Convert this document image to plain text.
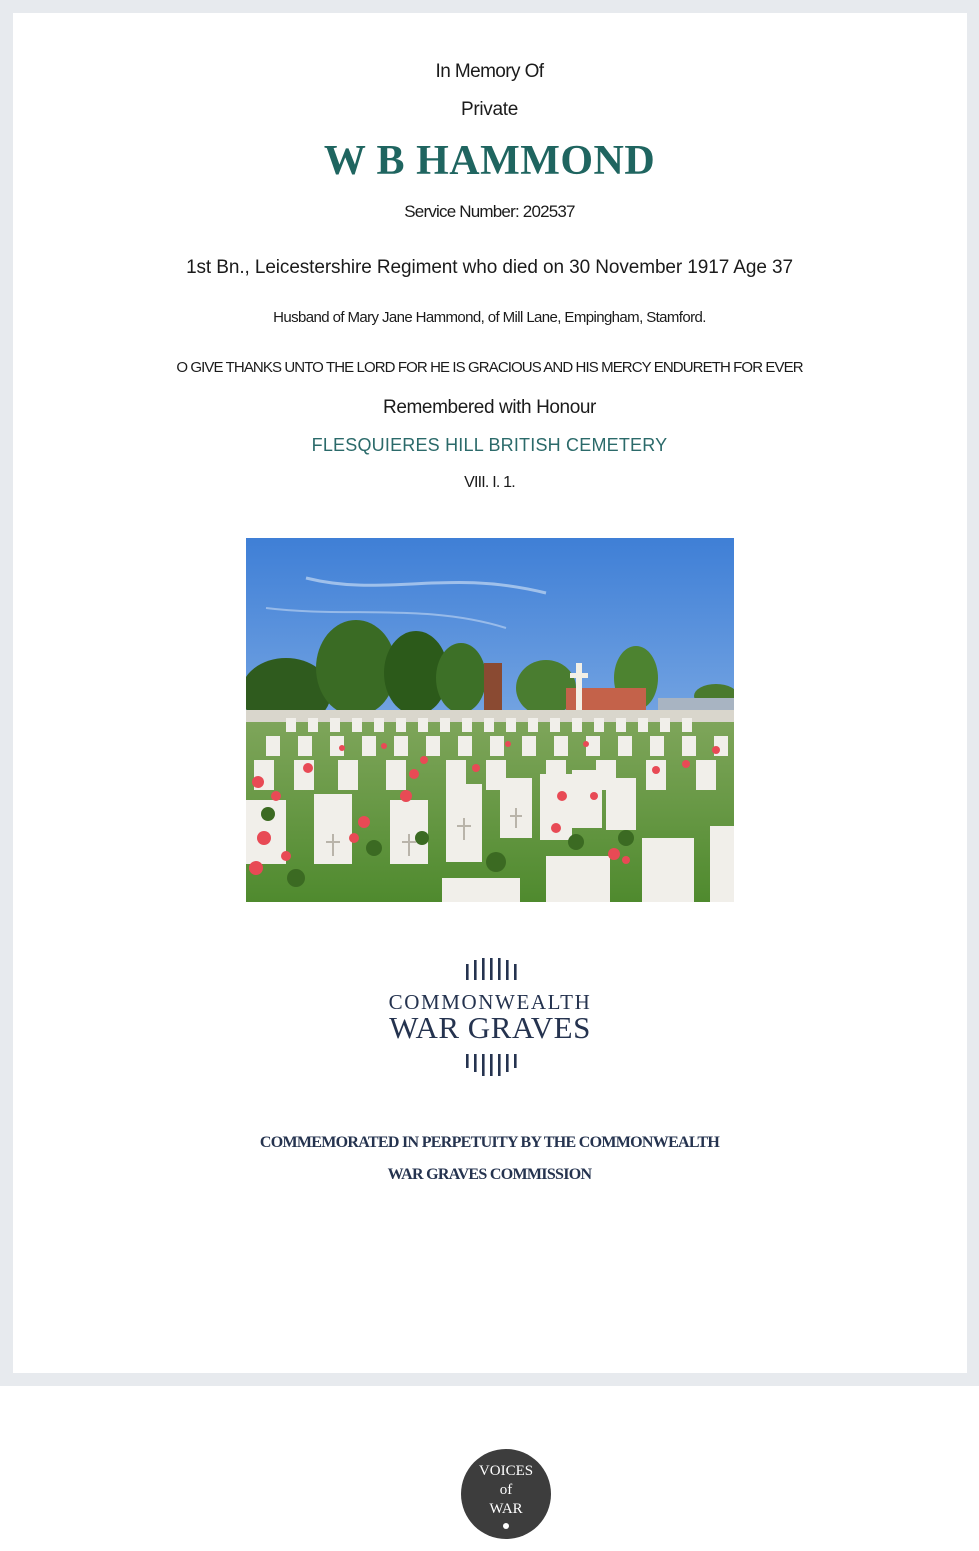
In Memory Of
Private
W B HAMMOND
Service Number: 202537
1st Bn., Leicestershire Regiment who died on 30 November 1917 Age 37
Husband of Mary Jane Hammond, of Mill Lane, Empingham, Stamford.
O GIVE THANKS UNTO THE LORD FOR HE IS GRACIOUS AND HIS MERCY ENDURETH FOR EVER
Remembered with Honour
FLESQUIERES HILL BRITISH CEMETERY
VIII. I. 1.
COMMONWEALTH
WAR GRAVES
COMMEMORATED IN PERPETUITY BY THE COMMONWEALTH
WAR GRAVES COMMISSION
VOICES
of
WAR
